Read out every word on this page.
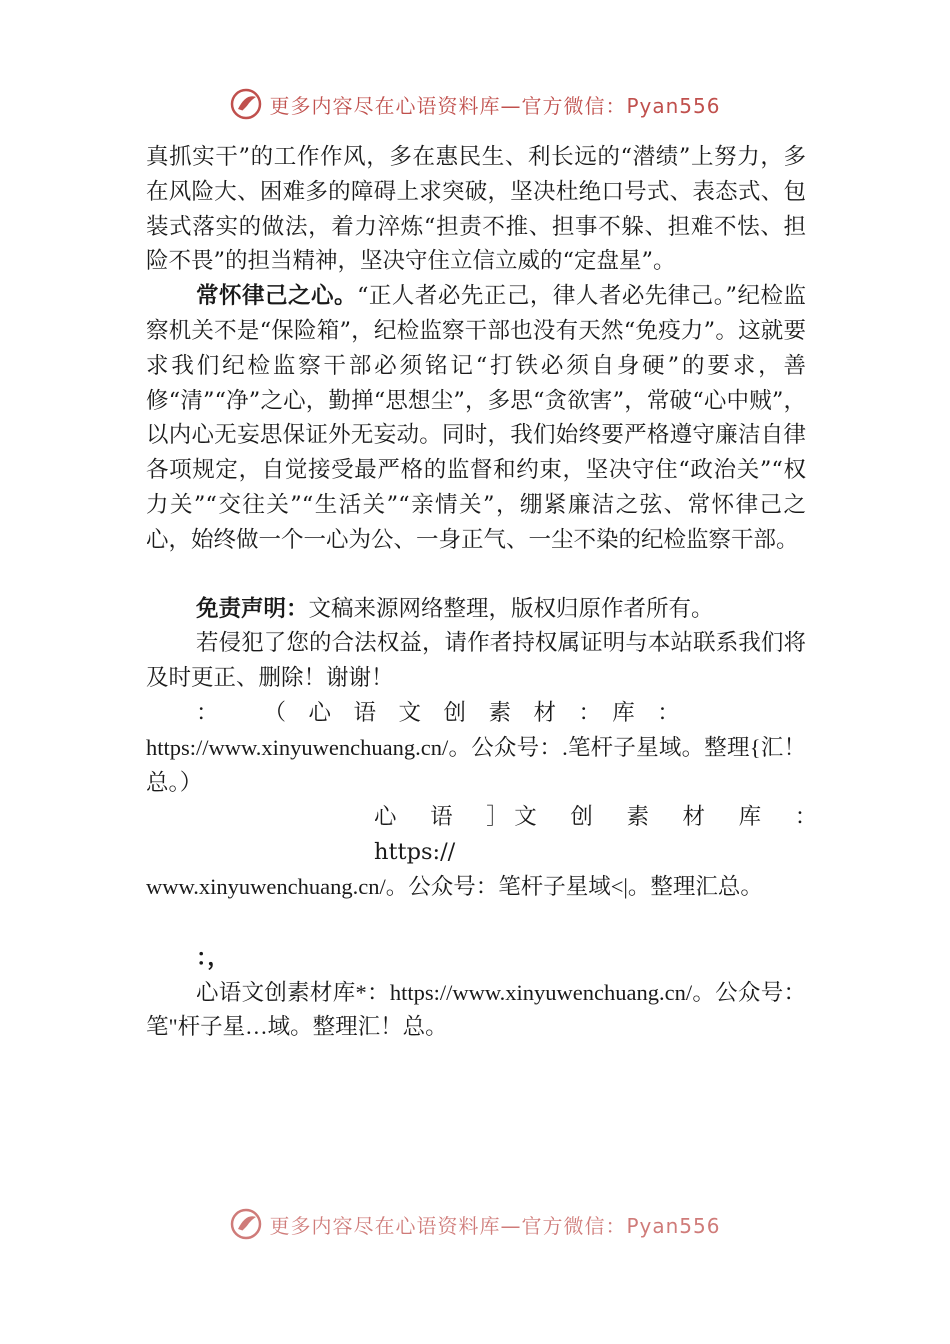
更多内容尽在心语资料库—官方微信：Pyan556

真抓实干”的工作作风，多在惠民生、利长远的“潜绩”上努力，多在风险大、困难多的障碍上求突破，坚决杜绝口号式、表态式、包装式落实的做法，着力淬炼“担责不推、担事不躲、担难不怯、担险不畏”的担当精神，坚决守住立信立威的“定盘星”。

常怀律己之心。“正人者必先正己，律人者必先律己。”纪检监察机关不是“保险箱”，纪检监察干部也没有天然“免疫力”。这就要求我们纪检监察干部必须铭记“打铁必须自身硬”的要求，善修“清”“净”之心，勤掸“思想尘”，多思“贪欲害”，常破“心中贼”，以内心无妄思保证外无妄动。同时，我们始终要严格遵守廉洁自律各项规定，自觉接受最严格的监督和约束，坚决守住“政治关”“权力关”“交往关”“生活关”“亲情关”，绷紧廉洁之弦、常怀律己之心，始终做一个一心为公、一身正气、一尘不染的纪检监察干部。

免责声明：文稿来源网络整理，版权归原作者所有。

若侵犯了您的合法权益，请作者持权属证明与本站联系我们将及时更正、删除！谢谢！

：　　　（　心　语　文　创　素　材　：　库　：

https://www.xinyuwenchuang.cn/。公众号：.笔杆子星域。整理{汇！总。）

心　语　］文　创　素　材　库　：　https://

www.xinyuwenchuang.cn/。公众号：笔杆子星域<|。整理汇总。

：，

心语文创素材库*：https://www.xinyuwenchuang.cn/。公众号：笔"杆子星…域。整理汇！总。

更多内容尽在心语资料库—官方微信：Pyan556
